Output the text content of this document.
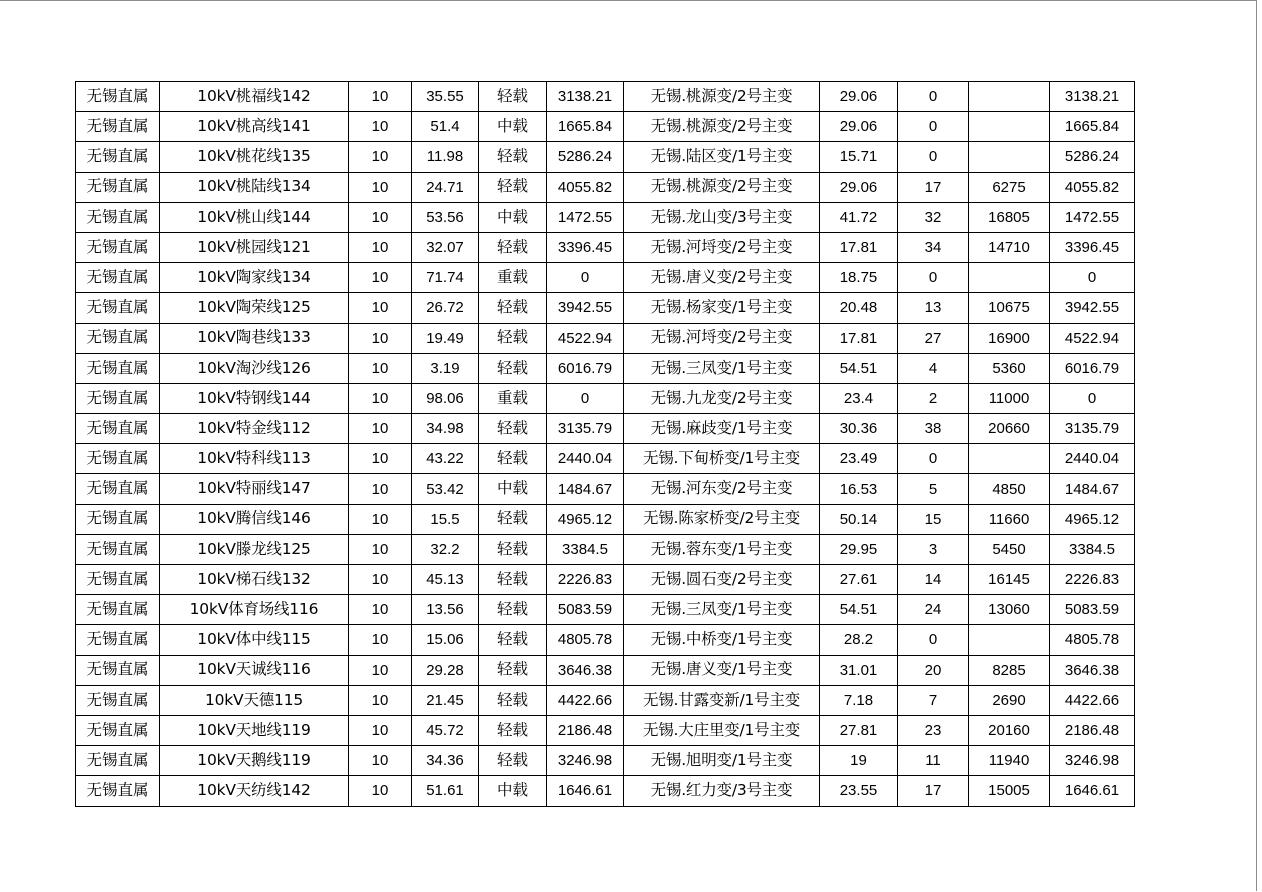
无锡直属	10kV桃福线142	10	35.55	轻载	3138.21	无锡.桃源变/2号主变	29.06	0		3138.21
无锡直属	10kV桃高线141	10	51.4	中载	1665.84	无锡.桃源变/2号主变	29.06	0		1665.84
无锡直属	10kV桃花线135	10	11.98	轻载	5286.24	无锡.陆区变/1号主变	15.71	0		5286.24
无锡直属	10kV桃陆线134	10	24.71	轻载	4055.82	无锡.桃源变/2号主变	29.06	17	6275	4055.82
无锡直属	10kV桃山线144	10	53.56	中载	1472.55	无锡.龙山变/3号主变	41.72	32	16805	1472.55
无锡直属	10kV桃园线121	10	32.07	轻载	3396.45	无锡.河埒变/2号主变	17.81	34	14710	3396.45
无锡直属	10kV陶家线134	10	71.74	重载	0	无锡.唐义变/2号主变	18.75	0		0
无锡直属	10kV陶荣线125	10	26.72	轻载	3942.55	无锡.杨家变/1号主变	20.48	13	10675	3942.55
无锡直属	10kV陶巷线133	10	19.49	轻载	4522.94	无锡.河埒变/2号主变	17.81	27	16900	4522.94
无锡直属	10kV淘沙线126	10	3.19	轻载	6016.79	无锡.三凤变/1号主变	54.51	4	5360	6016.79
无锡直属	10kV特钢线144	10	98.06	重载	0	无锡.九龙变/2号主变	23.4	2	11000	0
无锡直属	10kV特金线112	10	34.98	轻载	3135.79	无锡.麻歧变/1号主变	30.36	38	20660	3135.79
无锡直属	10kV特科线113	10	43.22	轻载	2440.04	无锡.下甸桥变/1号主变	23.49	0		2440.04
无锡直属	10kV特丽线147	10	53.42	中载	1484.67	无锡.河东变/2号主变	16.53	5	4850	1484.67
无锡直属	10kV腾信线146	10	15.5	轻载	4965.12	无锡.陈家桥变/2号主变	50.14	15	11660	4965.12
无锡直属	10kV滕龙线125	10	32.2	轻载	3384.5	无锡.蓉东变/1号主变	29.95	3	5450	3384.5
无锡直属	10kV梯石线132	10	45.13	轻载	2226.83	无锡.圆石变/2号主变	27.61	14	16145	2226.83
无锡直属	10kV体育场线116	10	13.56	轻载	5083.59	无锡.三凤变/1号主变	54.51	24	13060	5083.59
无锡直属	10kV体中线115	10	15.06	轻载	4805.78	无锡.中桥变/1号主变	28.2	0		4805.78
无锡直属	10kV天诚线116	10	29.28	轻载	3646.38	无锡.唐义变/1号主变	31.01	20	8285	3646.38
无锡直属	10kV天德115	10	21.45	轻载	4422.66	无锡.甘露变新/1号主变	7.18	7	2690	4422.66
无锡直属	10kV天地线119	10	45.72	轻载	2186.48	无锡.大庄里变/1号主变	27.81	23	20160	2186.48
无锡直属	10kV天鹅线119	10	34.36	轻载	3246.98	无锡.旭明变/1号主变	19	11	11940	3246.98
无锡直属	10kV天纺线142	10	51.61	中载	1646.61	无锡.红力变/3号主变	23.55	17	15005	1646.61
